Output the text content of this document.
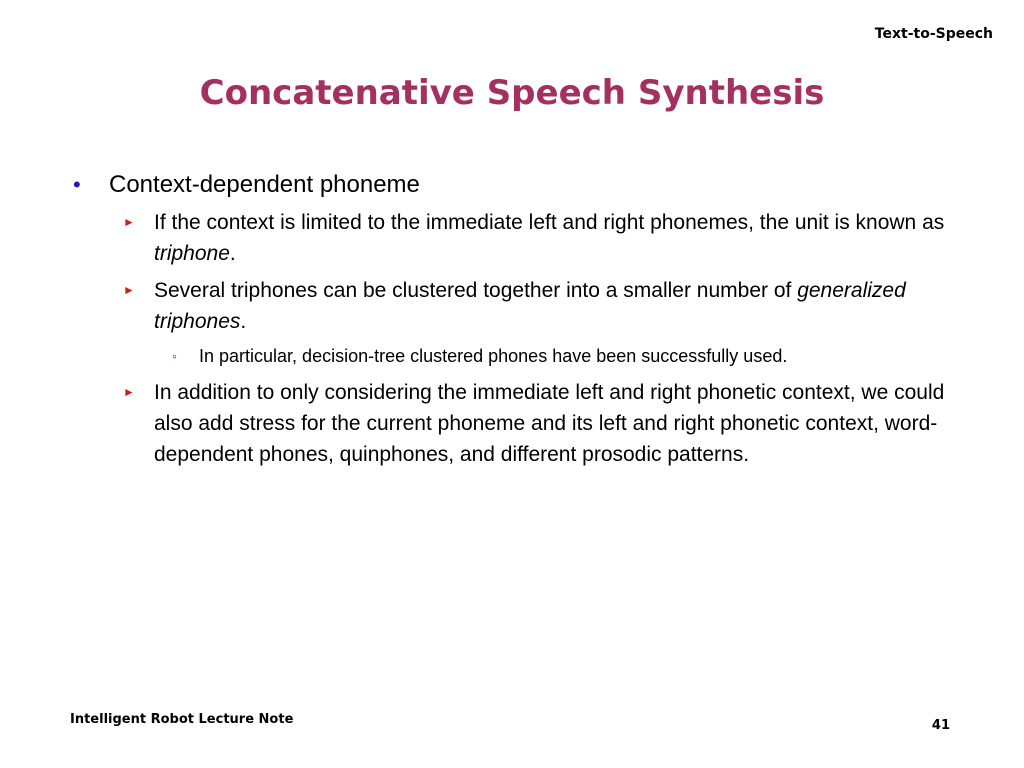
Text-to-Speech
Concatenative Speech Synthesis
• Context-dependent phoneme
► If the context is limited to the immediate left and right phonemes, the unit is known as triphone.
► Several triphones can be clustered together into a smaller number of generalized triphones.
◦ In particular, decision-tree clustered phones have been successfully used.
► In addition to only considering the immediate left and right phonetic context, we could also add stress for the current phoneme and its left and right phonetic context, word-dependent phones, quinphones, and different prosodic patterns.
Intelligent Robot Lecture Note	41
